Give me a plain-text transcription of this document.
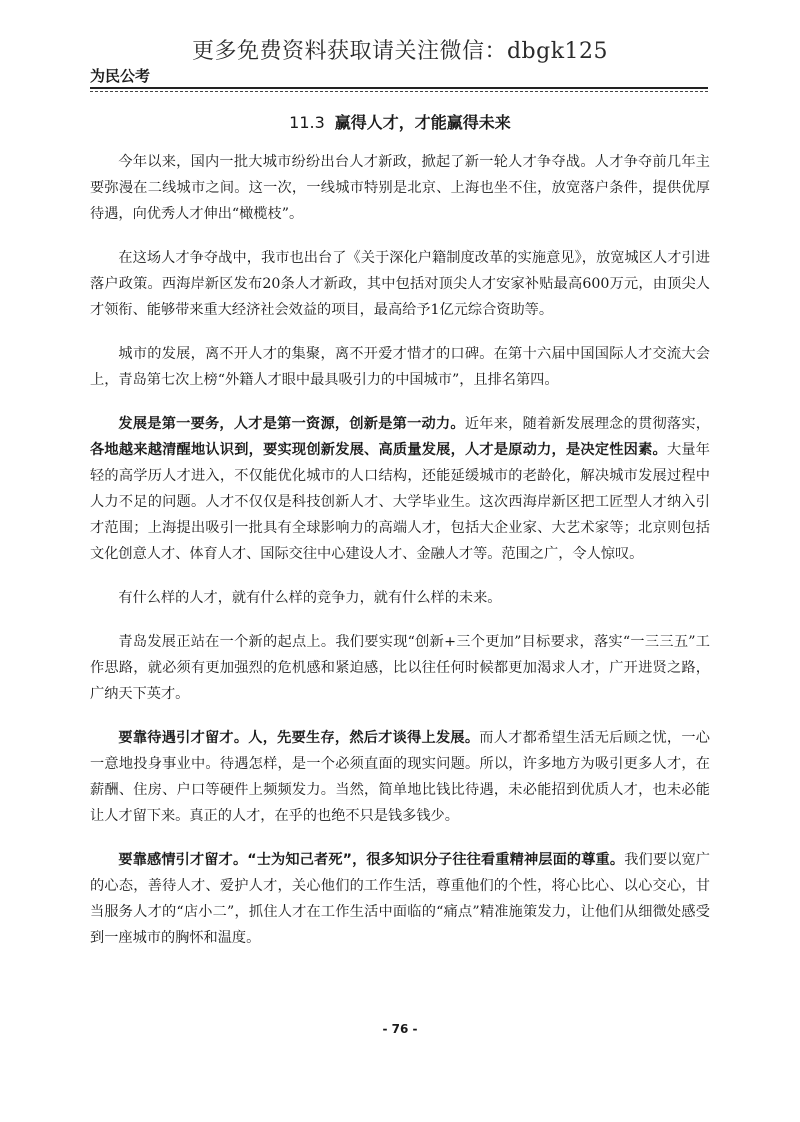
更多免费资料获取请关注微信：dbgk125
为民公考
11.3 赢得人才，才能赢得未来

今年以来，国内一批大城市纷纷出台人才新政，掀起了新一轮人才争夺战。人才争夺前几年主要弥漫在二线城市之间。这一次，一线城市特别是北京、上海也坐不住，放宽落户条件，提供优厚待遇，向优秀人才伸出“橄榄枝”。

在这场人才争夺战中，我市也出台了《关于深化户籍制度改革的实施意见》，放宽城区人才引进落户政策。西海岸新区发布20条人才新政，其中包括对顶尖人才安家补贴最高600万元，由顶尖人才领衔、能够带来重大经济社会效益的项目，最高给予1亿元综合资助等。

城市的发展，离不开人才的集聚，离不开爱才惜才的口碑。在第十六届中国国际人才交流大会上，青岛第七次上榜“外籍人才眼中最具吸引力的中国城市”，且排名第四。

发展是第一要务，人才是第一资源，创新是第一动力。近年来，随着新发展理念的贯彻落实，各地越来越清醒地认识到，要实现创新发展、高质量发展，人才是原动力，是决定性因素。大量年轻的高学历人才进入，不仅能优化城市的人口结构，还能延缓城市的老龄化，解决城市发展过程中人力不足的问题。人才不仅仅是科技创新人才、大学毕业生。这次西海岸新区把工匠型人才纳入引才范围；上海提出吸引一批具有全球影响力的高端人才，包括大企业家、大艺术家等；北京则包括文化创意人才、体育人才、国际交往中心建设人才、金融人才等。范围之广，令人惊叹。

有什么样的人才，就有什么样的竞争力，就有什么样的未来。

青岛发展正站在一个新的起点上。我们要实现“创新+三个更加”目标要求，落实“一三三五”工作思路，就必须有更加强烈的危机感和紧迫感，比以往任何时候都更加渴求人才，广开进贤之路，广纳天下英才。

要靠待遇引才留才。人，先要生存，然后才谈得上发展。而人才都希望生活无后顾之忧，一心一意地投身事业中。待遇怎样，是一个必须直面的现实问题。所以，许多地方为吸引更多人才，在薪酬、住房、户口等硬件上频频发力。当然，简单地比钱比待遇，未必能招到优质人才，也未必能让人才留下来。真正的人才，在乎的也绝不只是钱多钱少。

要靠感情引才留才。“士为知己者死”，很多知识分子往往看重精神层面的尊重。我们要以宽广的心态，善待人才、爱护人才，关心他们的工作生活，尊重他们的个性，将心比心、以心交心，甘当服务人才的“店小二”，抓住人才在工作生活中面临的“痛点”精准施策发力，让他们从细微处感受到一座城市的胸怀和温度。

- 76 -
